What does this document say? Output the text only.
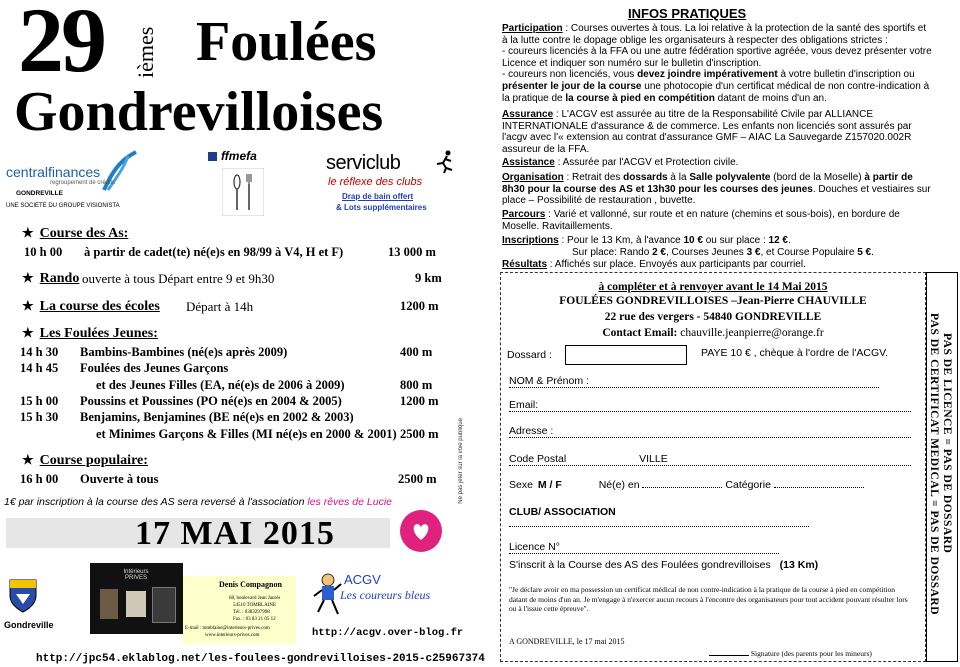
29 ièmes Foulées
Gondrevilloises
centralfinances
regroupement de crédits
GONDREVILLE
UNE SOCIETE DU GROUPE VISIONISTA
ffmefa	serviclub
le réflexe des clubs
Drap de bain offert
& Lots supplémentaires
★ Course des As:
10 h 00 à partir de cadet(te) né(e)s en 98/99 à V4, H et F)	13 000 m
★ Rando ouverte à tous Départ entre 9 et 9h30	9 km
★ La course des écoles Départ à 14h	1200 m
★ Les Foulées Jeunes:
14 h 30 Bambins-Bambines (né(e)s après 2009)	400 m
14 h 45 Foulées des Jeunes Garçons
et des Jeunes Filles (EA, né(e)s de 2006 à 2009)	800 m
15 h 00 Poussins et Poussines (PO né(e)s en 2004 & 2005)	1200 m
15 h 30 Benjamins, Benjamines (BE né(e)s en 2002 & 2003)
et Minimes Garçons & Filles (MI né(e)s en 2000 & 2001) 2500 m
★ Course populaire:
16 h 00 Ouverte à tous	2500 m	Ne pas jeter sur la voie publique
1€ par inscription à la course des AS sera reversé à l'association les rêves de Lucie
17 MAI 2015
Gondreville
Intérieurs PRIVES
Denis Compagnon
68, boulevard Jean Jaurès
54510 TOMBLAINE
Tél. : 0383297998
Fax. : 03 83 21 05 12
E-mail : tomblaine@interieurs-prives.com
www.interieurs-prives.com
ACGV
Les coureurs bleus
http://acgv.over-blog.fr
http://jpc54.eklablog.net/les-foulees-gondrevilloises-2015-c25967374
INFOS PRATIQUES
Participation : Courses ouvertes à tous. La loi relative à la protection de la santé des sportifs et à la lutte contre le dopage oblige les organisateurs à respecter des obligations strictes :
- coureurs licenciés à la FFA ou une autre fédération sportive agréée, vous devez présenter votre Licence et indiquer son numéro sur le bulletin d'inscription.
- coureurs non licenciés, vous devez joindre impérativement à votre bulletin d'inscription ou présenter le jour de la course une photocopie d'un certificat médical de non contre-indication à la pratique de la course à pied en compétition datant de moins d'un an.
Assurance : L'ACGV est assurée au titre de la Responsabilité Civile par ALLIANCE INTERNATIONALE d'assurance & de commerce. Les enfants non licenciés sont assurés par l'acgv avec l'« extension au contrat d'assurance GMF – AIAC La Sauvegarde Z157020.002R assureur de la FFA.
Assistance : Assurée par l'ACGV et Protection civile.
Organisation : Retrait des dossards à la Salle polyvalente (bord de la Moselle) à partir de 8h30 pour la course des AS et 13h30 pour les courses des jeunes. Douches et vestiaires sur place – Possibilité de restauration , buvette.
Parcours : Varié et vallonné, sur route et en nature (chemins et sous-bois), en bordure de Moselle. Ravitaillements.
Inscriptions : Pour le 13 Km, à l'avance 10 € ou sur place : 12 €.
Sur place: Rando 2 €, Courses Jeunes 3 €, et Course Populaire 5 €.
Résultats : Affichés sur place. Envoyés aux participants par courriel.
à compléter et à renvoyer avant le 14 Mai 2015
FOULÉES GONDREVILLOISES –Jean-Pierre CHAUVILLE
22 rue des vergers - 54840 GONDREVILLE
Contact Email: chauville.jeanpierre@orange.fr
Dossard :	PAYE 10 € , chèque à l'ordre de l'ACGV.
NOM & Prénom :
Email:
Adresse :
Code Postal	VILLE
Sexe M / F	Né(e) en	Catégorie
CLUB/ ASSOCIATION
Licence N°
S'inscrit à la Course des AS des Foulées gondrevilloises (13 Km)
"Je déclare avoir en ma possession un certificat médical de non contre-indication à la pratique de la course à pied en compétition datant de moins d'un an. Je m'engage à n'exercer aucun recours à l'encontre des organisateurs pour tout accident pouvant résulter lors ou à l'issue cette épreuve".
A GONDREVILLE, le 17 mai 2015
Signature (des parents pour les mineurs)
PAS DE CERTIFICAT MEDICAL = PAS DE DOSSARD PAS DE LICENCE = PAS DE DOSSARD
